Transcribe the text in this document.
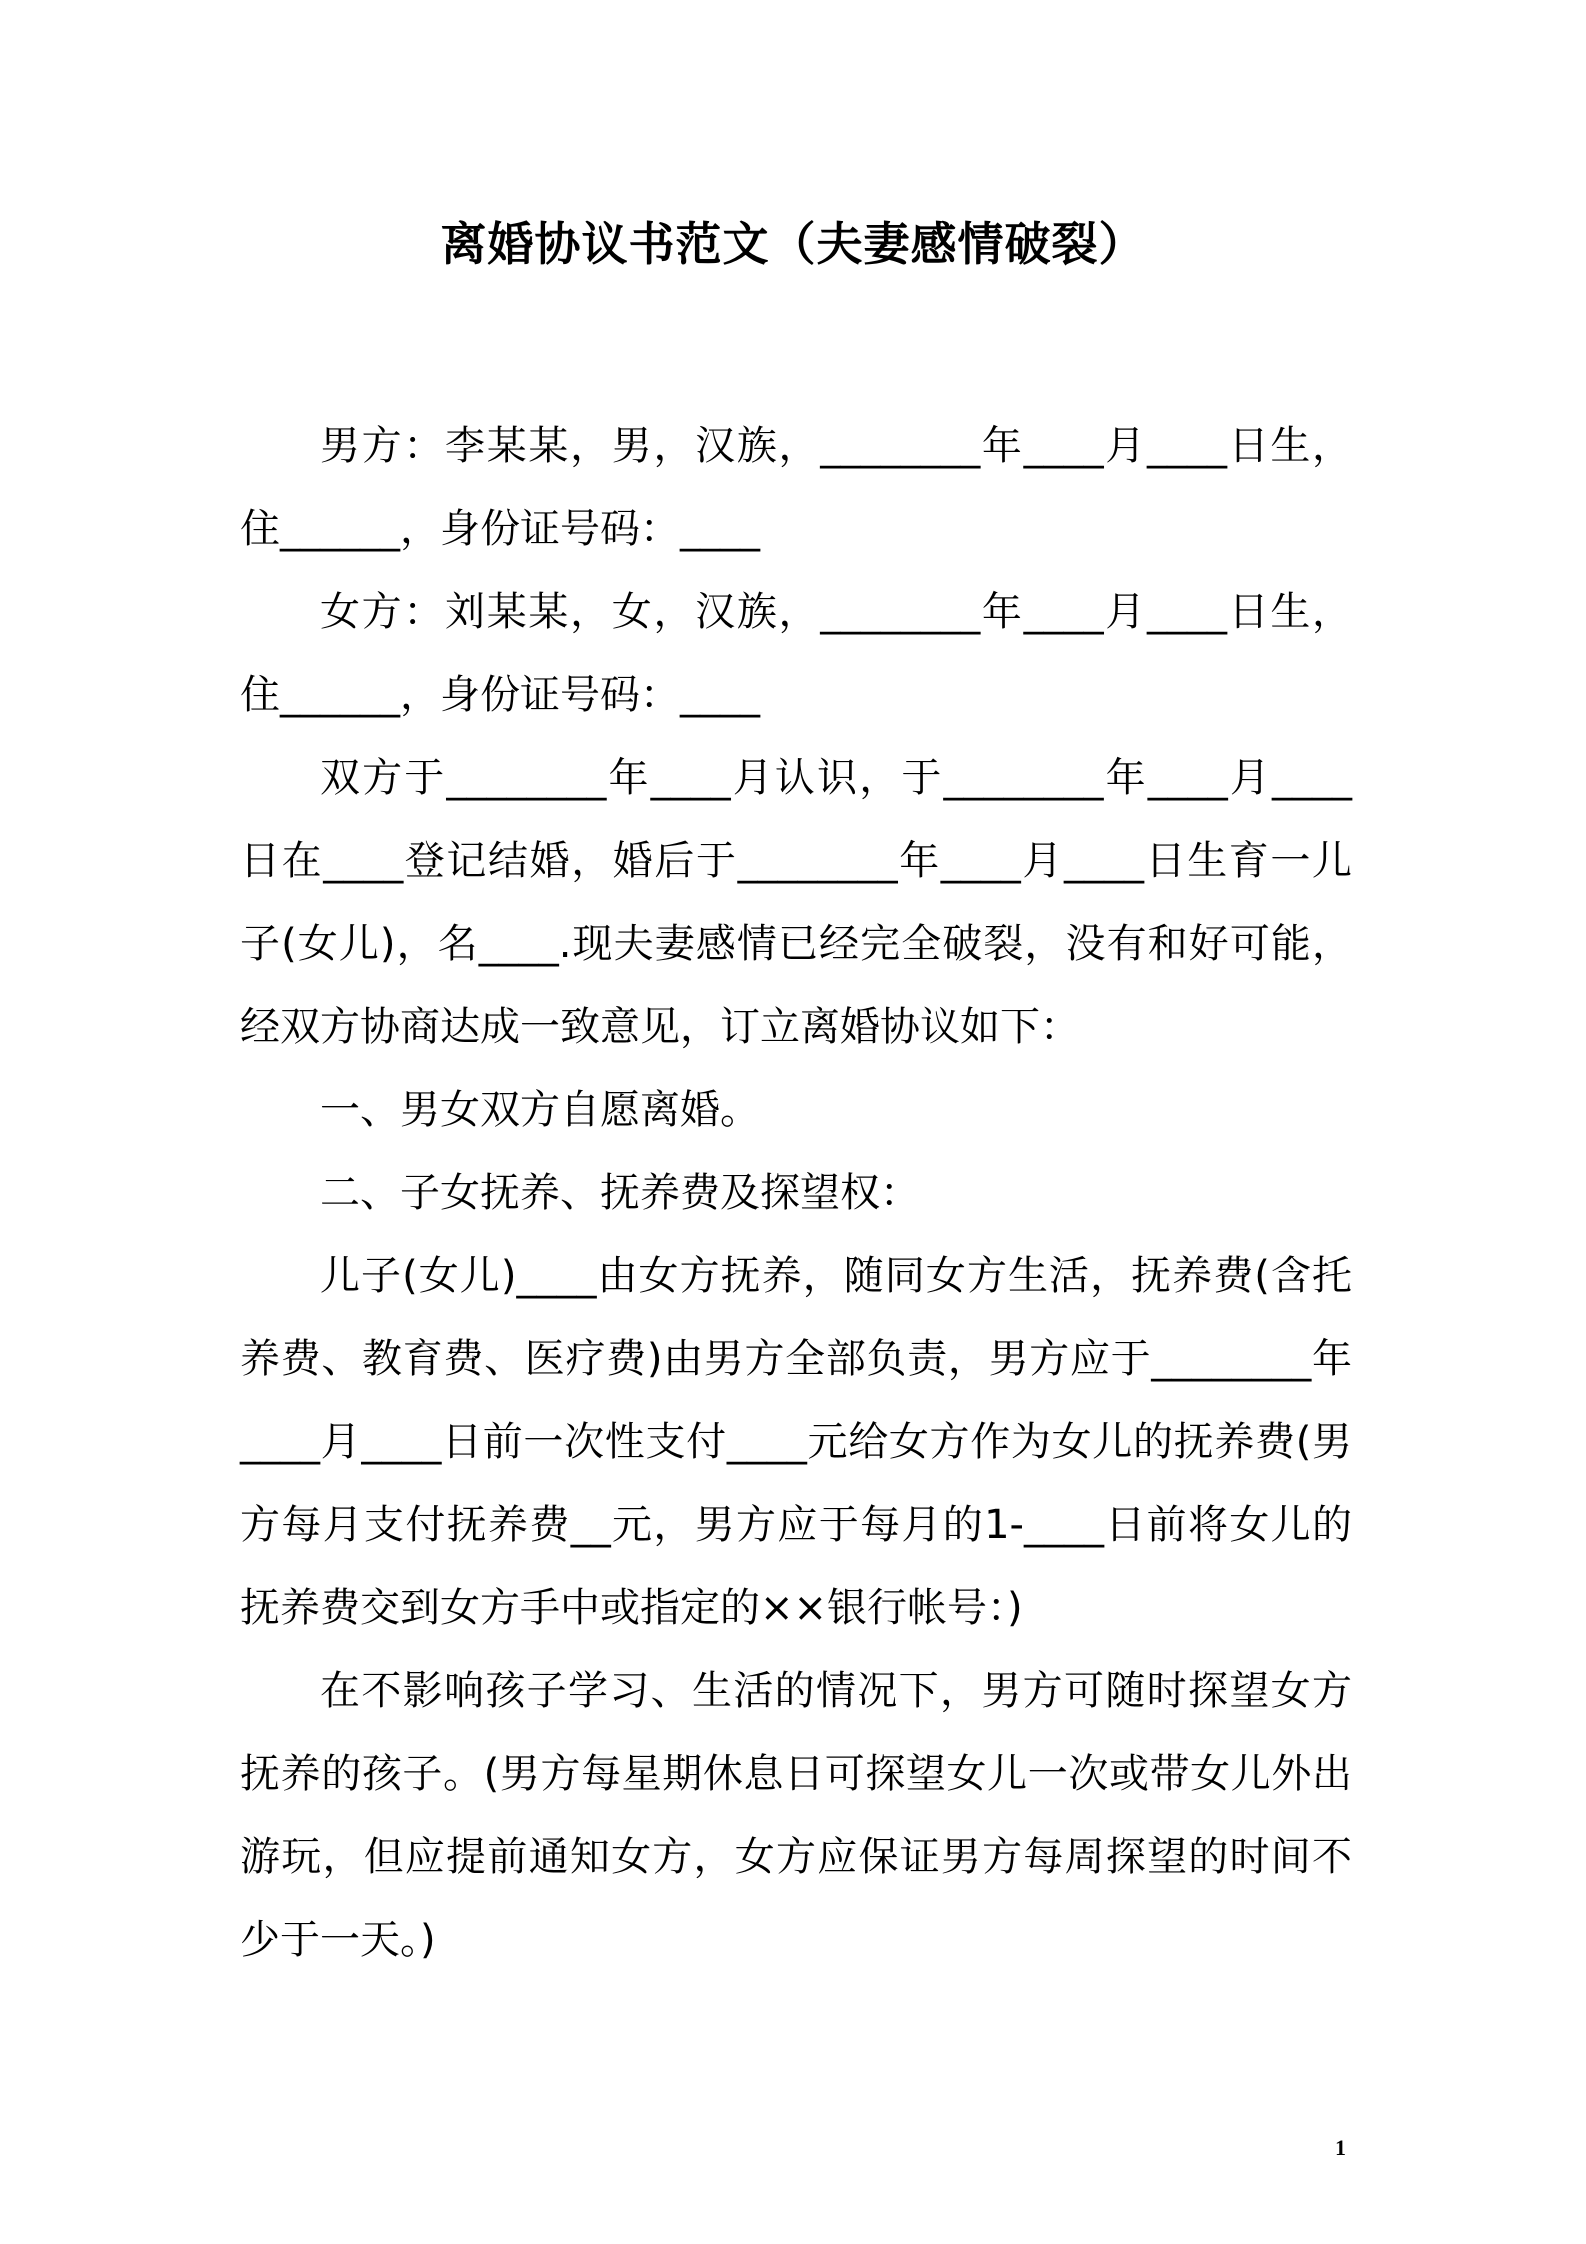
离婚协议书范文（夫妻感情破裂）

男方：李某某，男，汉族，________年____月____日生，住______，身份证号码：____

女方：刘某某，女，汉族，________年____月____日生，住______，身份证号码：____

双方于________年____月认识，于________年____月____日在____登记结婚，婚后于________年____月____日生育一儿子(女儿)，名____.现夫妻感情已经完全破裂，没有和好可能，经双方协商达成一致意见，订立离婚协议如下：

一、男女双方自愿离婚。

二、子女抚养、抚养费及探望权：

儿子(女儿)____由女方抚养，随同女方生活，抚养费(含托养费、教育费、医疗费)由男方全部负责，男方应于________年____月____日前一次性支付____元给女方作为女儿的抚养费(男方每月支付抚养费__元，男方应于每月的1-____日前将女儿的抚养费交到女方手中或指定的××银行帐号：)

在不影响孩子学习、生活的情况下，男方可随时探望女方抚养的孩子。(男方每星期休息日可探望女儿一次或带女儿外出游玩，但应提前通知女方，女方应保证男方每周探望的时间不少于一天。)

1
